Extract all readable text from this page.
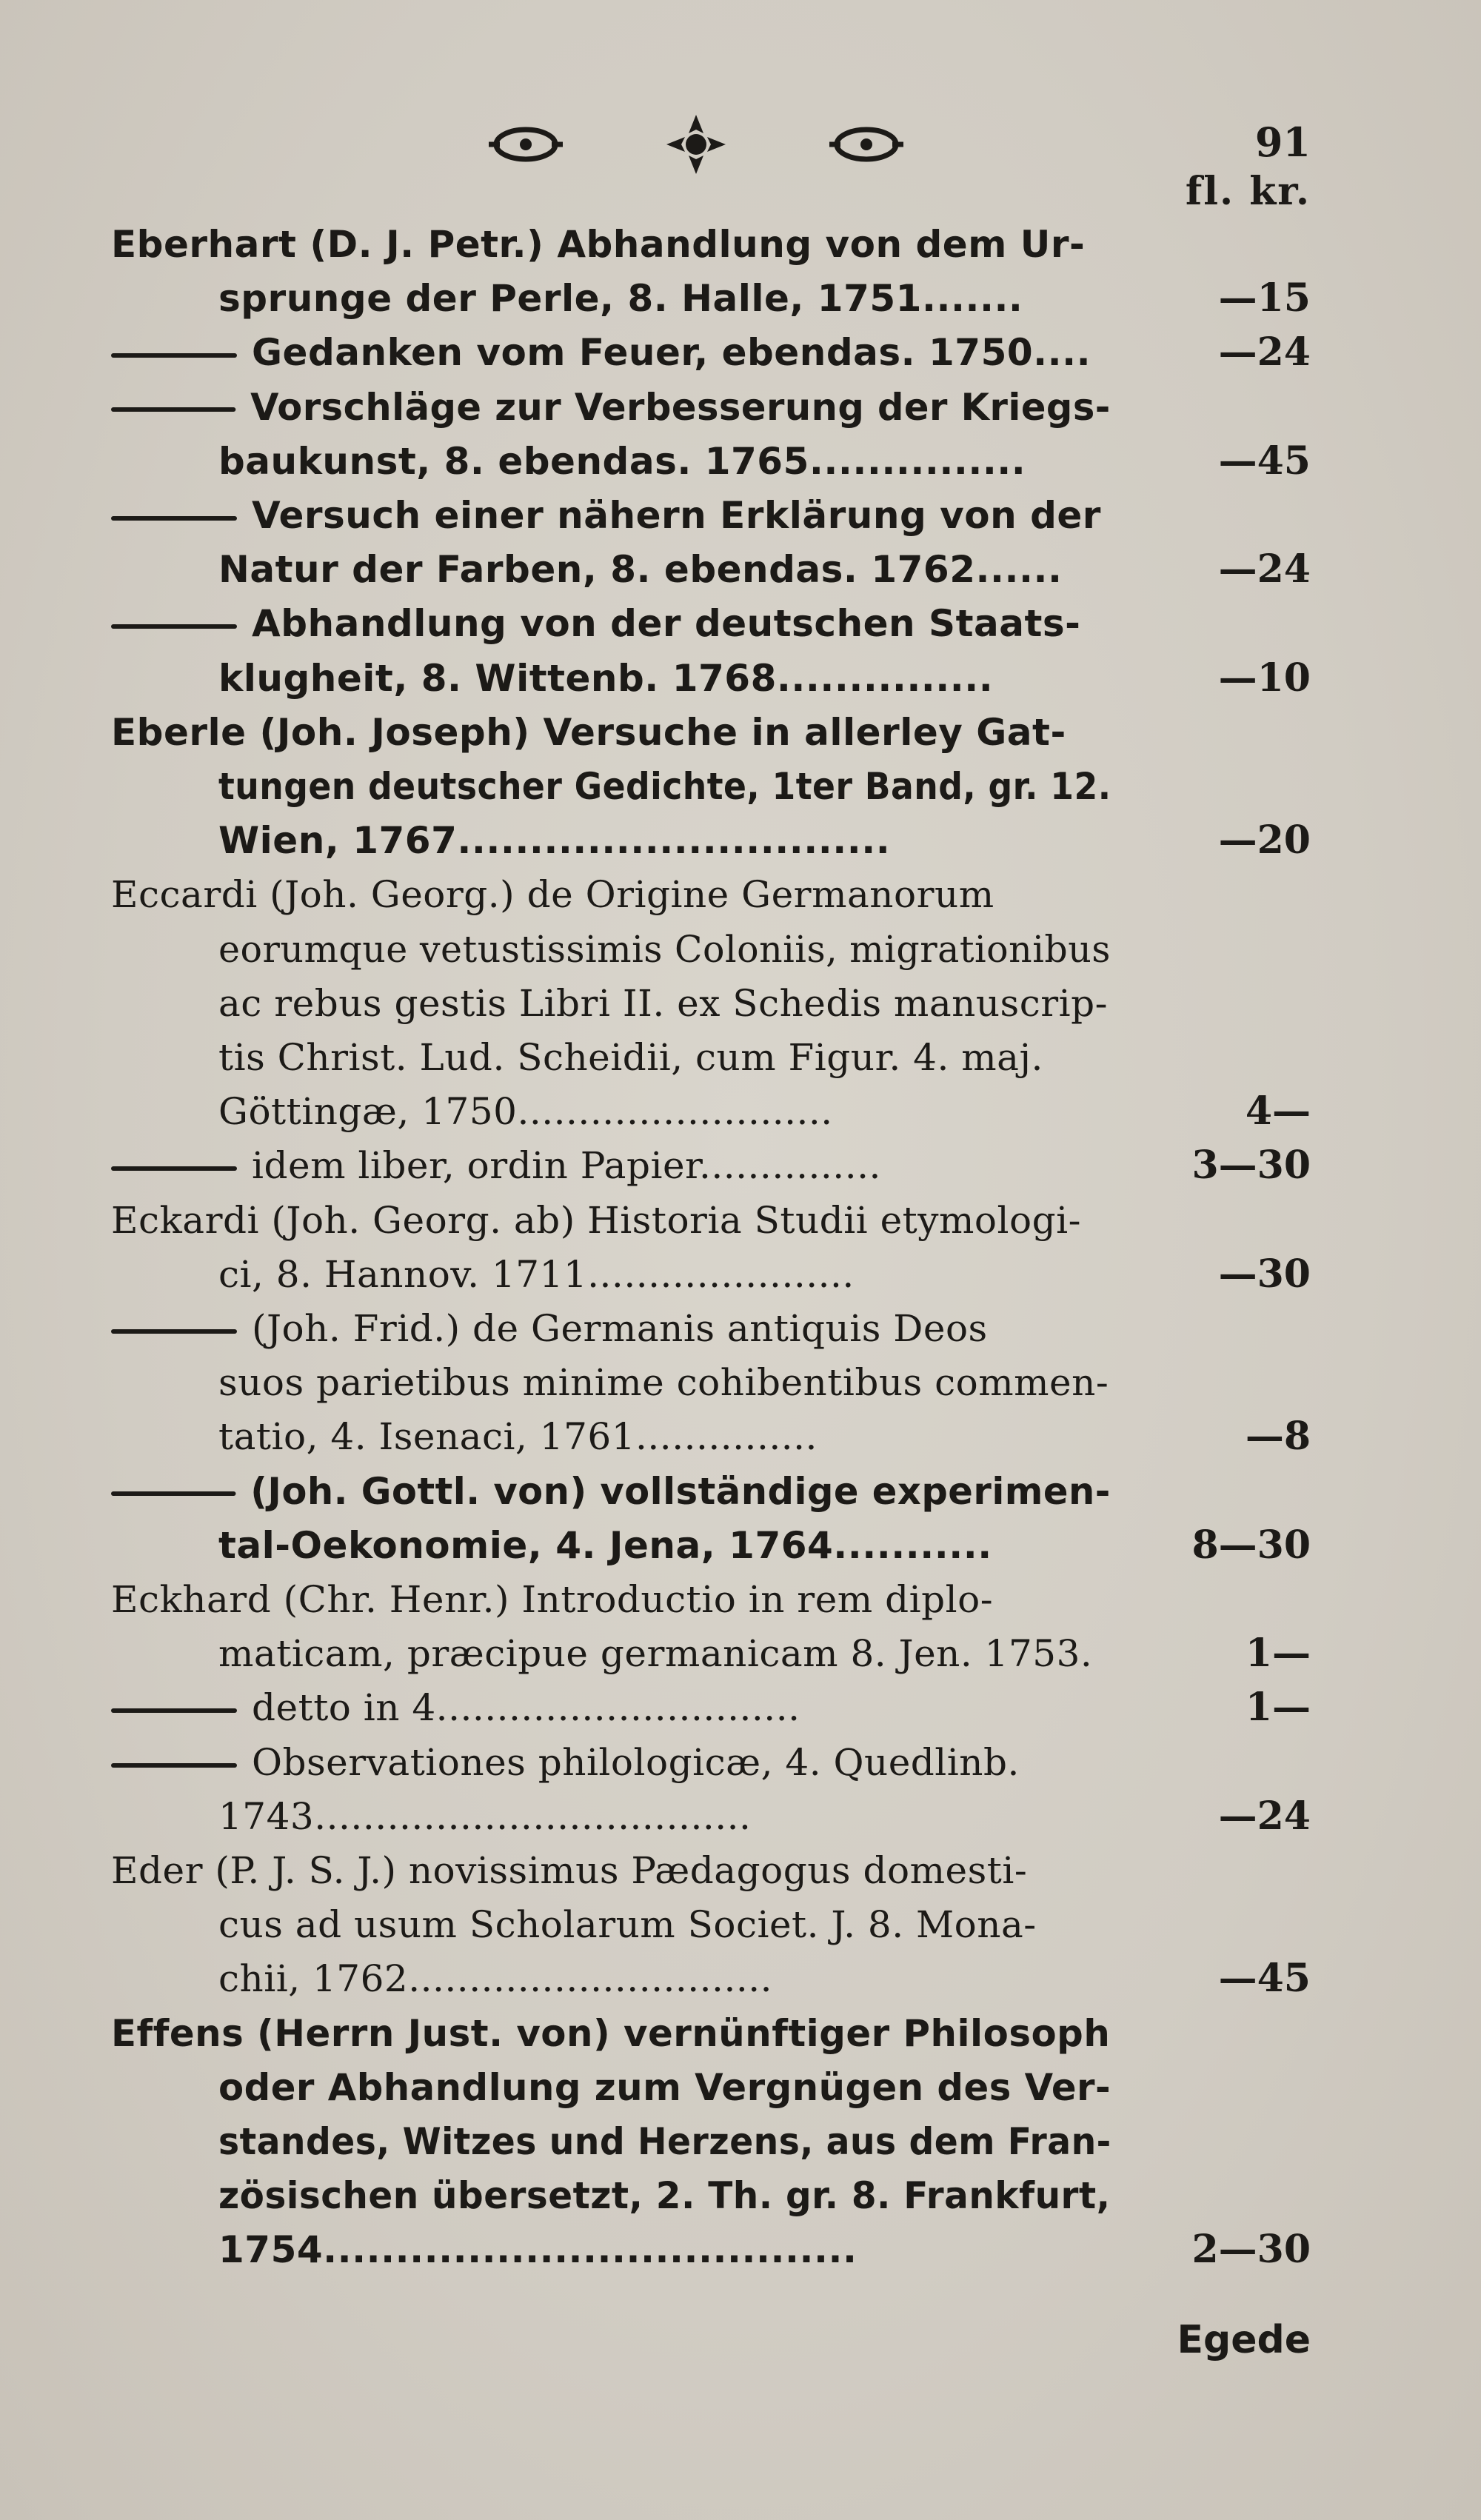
91
fl. kr.
Eberhart (D. J. Petr.) Abhandlung von dem Ur-
sprunge der Perle, 8. Halle, 1751.......	—15
Gedanken vom Feuer, ebendas. 1750....	—24
Vorschläge zur Verbesserung der Kriegs-
baukunst, 8. ebendas. 1765...............	—45
Versuch einer nähern Erklärung von der
Natur der Farben, 8. ebendas. 1762......	—24
Abhandlung von der deutschen Staats-
klugheit, 8. Wittenb. 1768...............	—10
Eberle (Joh. Joseph) Versuche in allerley Gat-
tungen deutscher Gedichte, 1ter Band, gr. 12.
Wien, 1767..............................	—20
Eccardi (Joh. Georg.) de Origine Germanorum
eorumque vetustissimis Coloniis, migrationibus
ac rebus gestis Libri II. ex Schedis manuscrip-
tis Christ. Lud. Scheidii, cum Figur. 4. maj.
Göttingæ, 1750..........................	4—
idem liber, ordin Papier...............	3—30
Eckardi (Joh. Georg. ab) Historia Studii etymologi-
ci, 8. Hannov. 1711......................	—30
(Joh. Frid.) de Germanis antiquis Deos
suos parietibus minime cohibentibus commen-
tatio, 4. Isenaci, 1761...............	—8
(Joh. Gottl. von) vollständige experimen-
tal-Oekonomie, 4. Jena, 1764...........	8—30
Eckhard (Chr. Henr.) Introductio in rem diplo-
maticam, præcipue germanicam 8. Jen. 1753.	1—
detto in 4..............................	1—
Observationes philologicæ, 4. Quedlinb.
1743....................................	—24
Eder (P. J. S. J.) novissimus Pædagogus domesti-
cus ad usum Scholarum Societ. J. 8. Mona-
chii, 1762..............................	—45
Effens (Herrn Just. von) vernünftiger Philosoph
oder Abhandlung zum Vergnügen des Ver-
standes, Witzes und Herzens, aus dem Fran-
zösischen übersetzt, 2. Th. gr. 8. Frankfurt,
1754.....................................	2—30
Egede
